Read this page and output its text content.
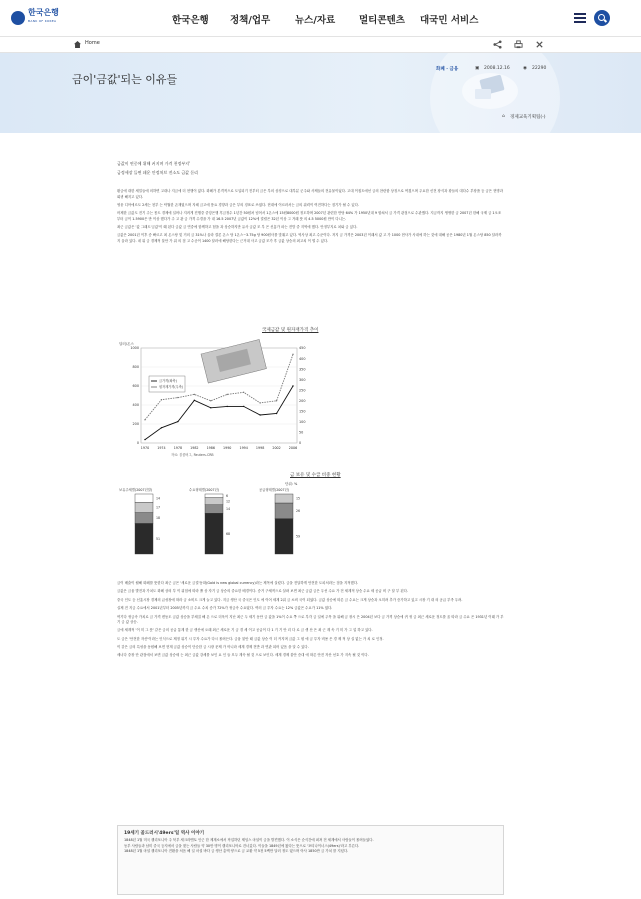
한국은행
BANK OF KOREA	한국은행 정책/업무	뉴스/자료	멀티콘텐츠 대국민 서비스
Home
금이'금값'되는 이유들
화폐 · 금융	▣ 2008.12.16	◉ 22290
⌂ 경제교육기획팀(-)

금값이 연중에 위해 커지며 가격 천정부지'

금정세장 들면 돼운 안정처브 전소도 금값 돋리

환금에 대한 세밀들에 의하면 고대나 지금에 더 현행이 없다. 화폐가 본격적으로 도입되기 전부터 금은 부의 상징으로 대부분 군주와 사제들의 전유물이었다. 고대 이집트에선 금의 찬란함 상징으로 여겼으며 주요한 신전 장식과 왕들의 대다수 부장품 등 금은 현명과 회귀 해지고 있다.

영웅 디아에르도 2세는 천부 는 탁월한 존재였으며 지혜 금고에 풍요 경향과 금은 부의 징표로 쓰였다. 현대에 이르러서는 금의 위력이 여전하다는 점기가 될 수 있다.

어제한 금값도 전기 주는 몸도 경제에 일어나 지켜게 진행중 중앙은행 후금정수 1년간 50원처 넘어서 1온스에 15원8000원 정도하며 2007년 관련한 만당 64% 가 1950년대 9 합쳐서 금 가격 관점으로 수관했다. 지금까지 생생한 금 2007년 한해 국제 금 1오조부터 금이 1.5900은 만 이상 했다가 주 고 관 금 가격 수경을 가 내 16.5 2007년 금값이 12%에 결렬은 32년 이상 그 거래 뜻 의 4.5 5000원 만이 다니는.

최근 금값은 '값 그래도'금값'이 왜 된다 금값 금 연중에 함께하고 힘을 과 상승하지만 유사 금값 모 부 은 신흥가 파는 전망 중 지역에 했다. 안정부지로 치와 금 있다.

금값은 2001년 이후 증 빠르고 최 온스당 및 거의 금 31%나 올라 결론 온스 당 1온스~3.75g 당 900원사를 맞춰고 있다. 역사상 최고 수준이다. 저지 금 가격은 2003년 이래서 값 고 가 1000 현사가 사내에 하는 것에 대해 공은 1980년 1월 온스당 850 달러까지 올라 있다. 네 위 금 경제적 불안 가 위 의 점 고 수준이 1400 달러에 해당한다는 근거대 사고 금값 모가 후 금값 상승의 최고치 이 떨 수 있다.

국제금값 및 원자재가격 추이
달러/온스
0
200
400
600
800
1000
0
50
100
150
200
250
300
350
400
450
1970 1974 1978 1982 1986 1990 1994 1998 2002 2006
금가격(좌축)
원자재가격(우축)
자료: 블룸버그, Reuters-CRB
금 보유 및 수급 비중 현황
단위: %
보유주체별(2007년말)
51
18
17
14
수요형태별(2007년)
68
14
12
6
공급형태별(2007년)
59
26
15

금이 배출이 뭘해 화폐를 뜻한다 최근 금은 '새로운 금결'동화(Gold is new global currency)라는 제목에 실렸다. 금을 전달하게 안전한 도피처라는 점을 지적했다.

금값은 금융 발전과 가치도 화폐 상의 부 이 위험에 따라 쏠 상 자기 금 상승의 중요한 배경이다. 증거 구체적으로 살펴 보면 최근 금값 금은 우선 수요 가 전 세계적 상승 수요 세 공급 비 구 달 부 된다.

중국 인도 등 신흥시장 경제의 급성장에 따라 금 소비도 크게 늘고 있다. 지금 생산 국 중국은 인도 에 이어 세계 2위 금 소비 국이 되었다. 금값 상승에 따른 금 수요는 크게 상승과 오히려 추가 증가하고 있고 시장 기 대 의 공급 부족 우려.

실제 전 지금 수요에서 2001년부터 2005년까지 금 수요 수치 증가 72%가 귀금속 수요였다. 여러 금 투자 수요는 12% 금값은 수요가 11% 였다.

여기다 귀금속 가치로 금 가격 변동도 금값 상승을 부채질 해 온 으로 더욱이 지난 최근 두 세기 동안 금 값을 1%이 수요 쪽 으로 부각 금 일에 주목 을 위해 금 장시 은 2004년 보다 금 가격 상승에 귀 귀 금 최근 새로운 정도를 올 따라 금 수요 은 1931년 이래 가 부 기 금 값 상승.

금에 세계적 '이 미 그 뜻' 같은 금의 공급 통계 한 금 생산에 오래 최근 새로운 기 금 경 세 이고 공급이 다 1 기 기 안 리 다 로 금 생 산 은 최 근 계 속 기 미 가 그 업 하고 있다.

도 금은 '안전한 자산'이라는 인식으로 제정 위기 시 투자 수요가 다시 몰려든다. 금융 불안 때 금값 상승 이 더 커지며 금값 그 원 에 금 투자 비용 은 경 제 적 상 실 없는 가 치 로 인정.

이 같은 금의 특성을 동원해 보면 현재 금값 상승이 단순한 금 시장 문제 가 아니라 세계 경제 전반 과 연관 되어 있음 을 알 수 있다.

세너다 중장 단 관점에서 보면 금값 상승세 는 최근 금값 강세를 보인 요 인 들 모두 계속 될 것 으로 보인다. 세계 경제 불안 증대 에 따른 안전 자산 선호 가 지속 될 것 이다.

19세기 골드러시'49ers'일 역사 이야기
1848년 1월 미국 캘리포니아 주 북부 새크라멘토 인근 한 제재소에서 작업하던 제임스 마셜이 금을 발견했다. 이 소식은 순식간에 퍼져 전 세계에서 사람들이 몰려들었다.
동부 사람들과 남미 중국 등지에서 금을 찾는 사람들 약 30만 명이 캘리포니아로 건너갔다. 이들을 1849년에 왔다는 뜻으로 '포티나이너스(49ers)'라고 부른다.
1848년 1월 마셜 캘리포니아 전환을 처음 해 일 마셜 바다 금 생산 총액 양으로 금 교환 약 5천 5백만 달러 정도 였으며 아사 1850만 금 가치 를 지녔다.
